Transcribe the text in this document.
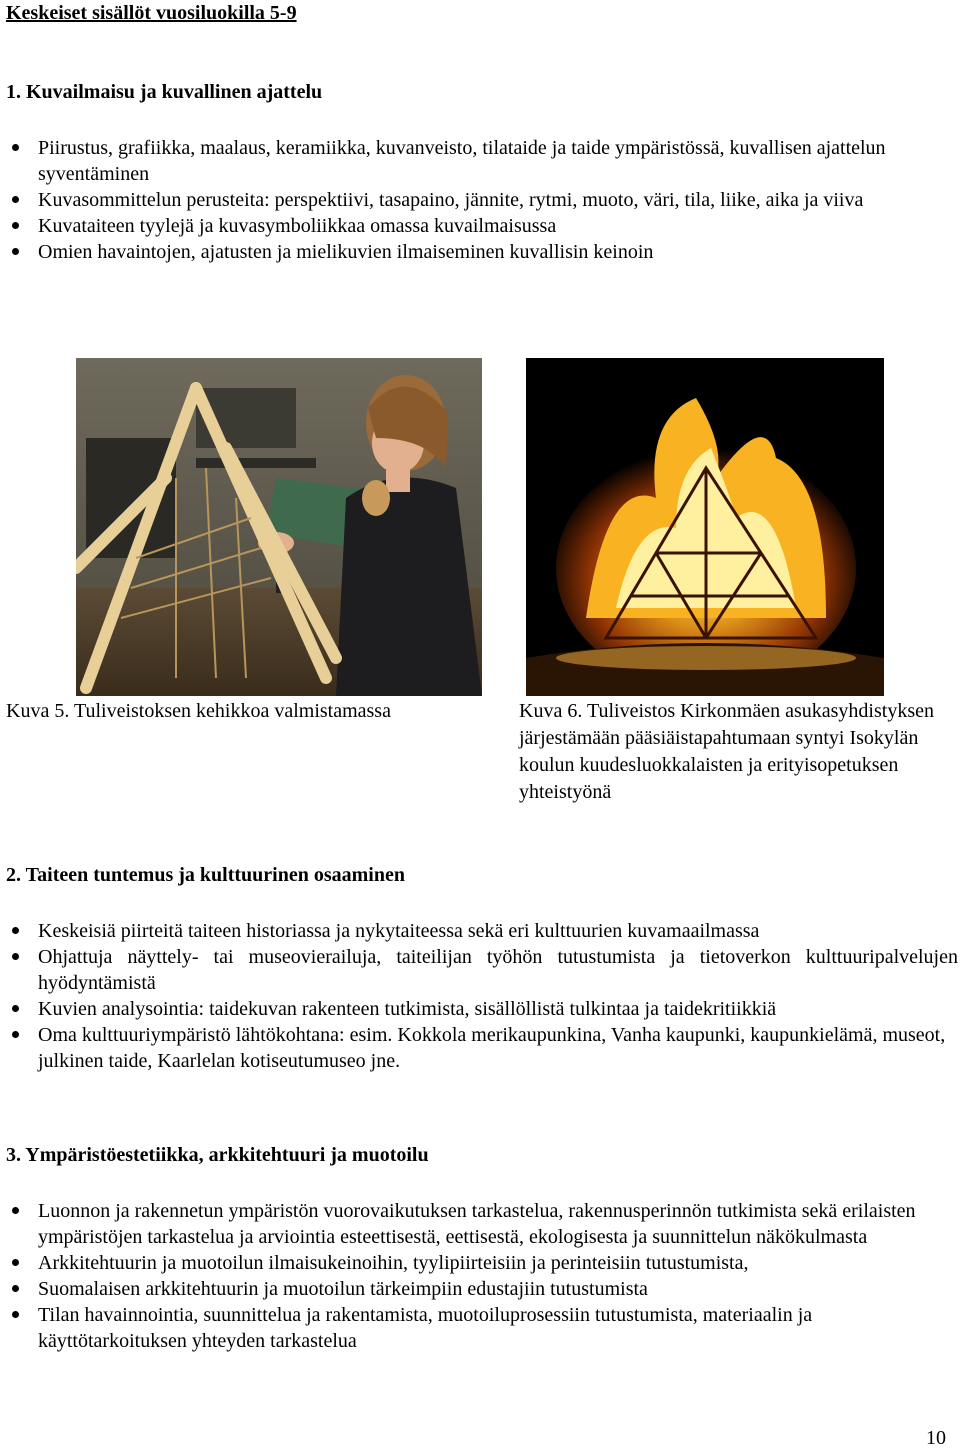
Keskeiset sisällöt vuosiluokilla 5-9
1. Kuvailmaisu ja kuvallinen ajattelu
Piirustus, grafiikka, maalaus, keramiikka, kuvanveisto, tilataide ja taide ympäristössä, kuvallisen ajattelun syventäminen
Kuvasommittelun perusteita: perspektiivi, tasapaino, jännite, rytmi, muoto, väri, tila, liike, aika ja viiva
Kuvataiteen tyylejä ja kuvasymboliikkaa omassa kuvailmaisussa
Omien havaintojen, ajatusten ja mielikuvien ilmaiseminen kuvallisin keinoin
Kuva 5. Tuliveistoksen kehikkoa valmistamassa	Kuva 6. Tuliveistos Kirkonmäen asukasyhdistyksen järjestämään pääsiäistapahtumaan syntyi Isokylän koulun kuudesluokkalaisten ja erityisopetuksen yhteistyönä
2. Taiteen tuntemus ja kulttuurinen osaaminen
Keskeisiä piirteitä taiteen historiassa ja nykytaiteessa sekä eri kulttuurien kuvamaailmassa
Ohjattuja näyttely- tai museovierailuja, taiteilijan työhön tutustumista ja tietoverkon kulttuuripalvelujen hyödyntämistä
Kuvien analysointia: taidekuvan rakenteen tutkimista, sisällöllistä tulkintaa ja taidekritiikkiä
Oma kulttuuriympäristö lähtökohtana: esim. Kokkola merikaupunkina, Vanha kaupunki, kaupunkielämä, museot, julkinen taide, Kaarlelan kotiseutumuseo jne.
3. Ympäristöestetiikka, arkkitehtuuri ja muotoilu
Luonnon ja rakennetun ympäristön vuorovaikutuksen tarkastelua, rakennusperinnön tutkimista sekä erilaisten ympäristöjen tarkastelua ja arviointia esteettisestä, eettisestä, ekologisesta ja suunnittelun näkökulmasta
Arkkitehtuurin ja muotoilun ilmaisukeinoihin, tyylipiirteisiin ja perinteisiin tutustumista,
Suomalaisen arkkitehtuurin ja muotoilun tärkeimpiin edustajiin tutustumista
Tilan havainnointia, suunnittelua ja rakentamista, muotoiluprosessiin tutustumista, materiaalin ja käyttötarkoituksen yhteyden tarkastelua
10
